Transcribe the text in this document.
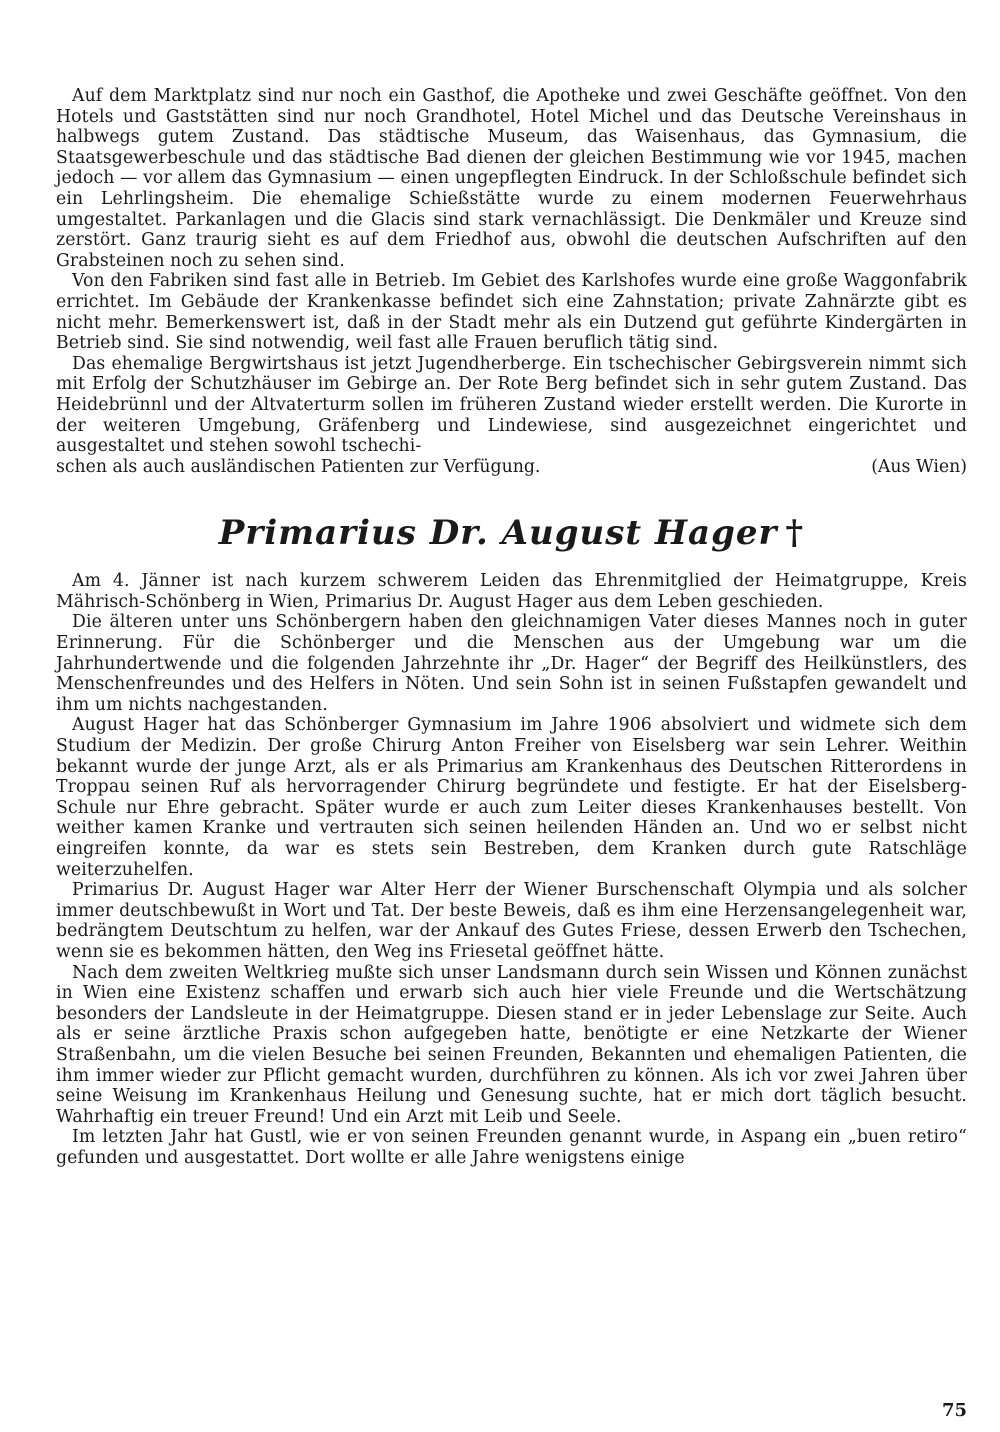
Auf dem Marktplatz sind nur noch ein Gasthof, die Apotheke und zwei Geschäfte geöffnet. Von den Hotels und Gaststätten sind nur noch Grandhotel, Hotel Michel und das Deutsche Vereinshaus in halbwegs gutem Zustand. Das städtische Museum, das Waisenhaus, das Gymnasium, die Staatsgewerbeschule und das städtische Bad dienen der gleichen Bestimmung wie vor 1945, machen jedoch — vor allem das Gymnasium — einen ungepflegten Eindruck. In der Schloßschule befindet sich ein Lehrlingsheim. Die ehemalige Schießstätte wurde zu einem modernen Feuerwehrhaus umgestaltet. Parkanlagen und die Glacis sind stark vernachlässigt. Die Denkmäler und Kreuze sind zerstört. Ganz traurig sieht es auf dem Friedhof aus, obwohl die deutschen Aufschriften auf den Grabsteinen noch zu sehen sind.

Von den Fabriken sind fast alle in Betrieb. Im Gebiet des Karlshofes wurde eine große Waggonfabrik errichtet. Im Gebäude der Krankenkasse befindet sich eine Zahnstation; private Zahnärzte gibt es nicht mehr. Bemerkenswert ist, daß in der Stadt mehr als ein Dutzend gut geführte Kindergärten in Betrieb sind. Sie sind notwendig, weil fast alle Frauen beruflich tätig sind.

Das ehemalige Bergwirtshaus ist jetzt Jugendherberge. Ein tschechischer Gebirgsverein nimmt sich mit Erfolg der Schutzhäuser im Gebirge an. Der Rote Berg befindet sich in sehr gutem Zustand. Das Heidebrünnl und der Altvaterturm sollen im früheren Zustand wieder erstellt werden. Die Kurorte in der weiteren Umgebung, Gräfenberg und Lindewiese, sind ausgezeichnet eingerichtet und ausgestaltet und stehen sowohl tschechi-

schen als auch ausländischen Patienten zur Verfügung.	(Aus Wien)
Primarius Dr. August Hager †

Am 4. Jänner ist nach kurzem schwerem Leiden das Ehrenmitglied der Heimatgruppe, Kreis Mährisch-Schönberg in Wien, Primarius Dr. August Hager aus dem Leben geschieden.

Die älteren unter uns Schönbergern haben den gleichnamigen Vater dieses Mannes noch in guter Erinnerung. Für die Schönberger und die Menschen aus der Umgebung war um die Jahrhundertwende und die folgenden Jahrzehnte ihr „Dr. Hager“ der Begriff des Heilkünstlers, des Menschenfreundes und des Helfers in Nöten. Und sein Sohn ist in seinen Fußstapfen gewandelt und ihm um nichts nachgestanden.

August Hager hat das Schönberger Gymnasium im Jahre 1906 absolviert und widmete sich dem Studium der Medizin. Der große Chirurg Anton Freiher von Eiselsberg war sein Lehrer. Weithin bekannt wurde der junge Arzt, als er als Primarius am Krankenhaus des Deutschen Ritterordens in Troppau seinen Ruf als hervorragender Chirurg begründete und festigte. Er hat der Eiselsberg-Schule nur Ehre gebracht. Später wurde er auch zum Leiter dieses Krankenhauses bestellt. Von weither kamen Kranke und vertrauten sich seinen heilenden Händen an. Und wo er selbst nicht eingreifen konnte, da war es stets sein Bestreben, dem Kranken durch gute Ratschläge weiterzuhelfen.

Primarius Dr. August Hager war Alter Herr der Wiener Burschenschaft Olympia und als solcher immer deutschbewußt in Wort und Tat. Der beste Beweis, daß es ihm eine Herzensangelegenheit war, bedrängtem Deutschtum zu helfen, war der Ankauf des Gutes Friese, dessen Erwerb den Tschechen, wenn sie es bekommen hätten, den Weg ins Friesetal geöffnet hätte.

Nach dem zweiten Weltkrieg mußte sich unser Landsmann durch sein Wissen und Können zunächst in Wien eine Existenz schaffen und erwarb sich auch hier viele Freunde und die Wertschätzung besonders der Landsleute in der Heimatgruppe. Diesen stand er in jeder Lebenslage zur Seite. Auch als er seine ärztliche Praxis schon aufgegeben hatte, benötigte er eine Netzkarte der Wiener Straßenbahn, um die vielen Besuche bei seinen Freunden, Bekannten und ehemaligen Patienten, die ihm immer wieder zur Pflicht gemacht wurden, durchführen zu können. Als ich vor zwei Jahren über seine Weisung im Krankenhaus Heilung und Genesung suchte, hat er mich dort täglich besucht. Wahrhaftig ein treuer Freund! Und ein Arzt mit Leib und Seele.

Im letzten Jahr hat Gustl, wie er von seinen Freunden genannt wurde, in Aspang ein „buen retiro“ gefunden und ausgestattet. Dort wollte er alle Jahre wenigstens einige

75
